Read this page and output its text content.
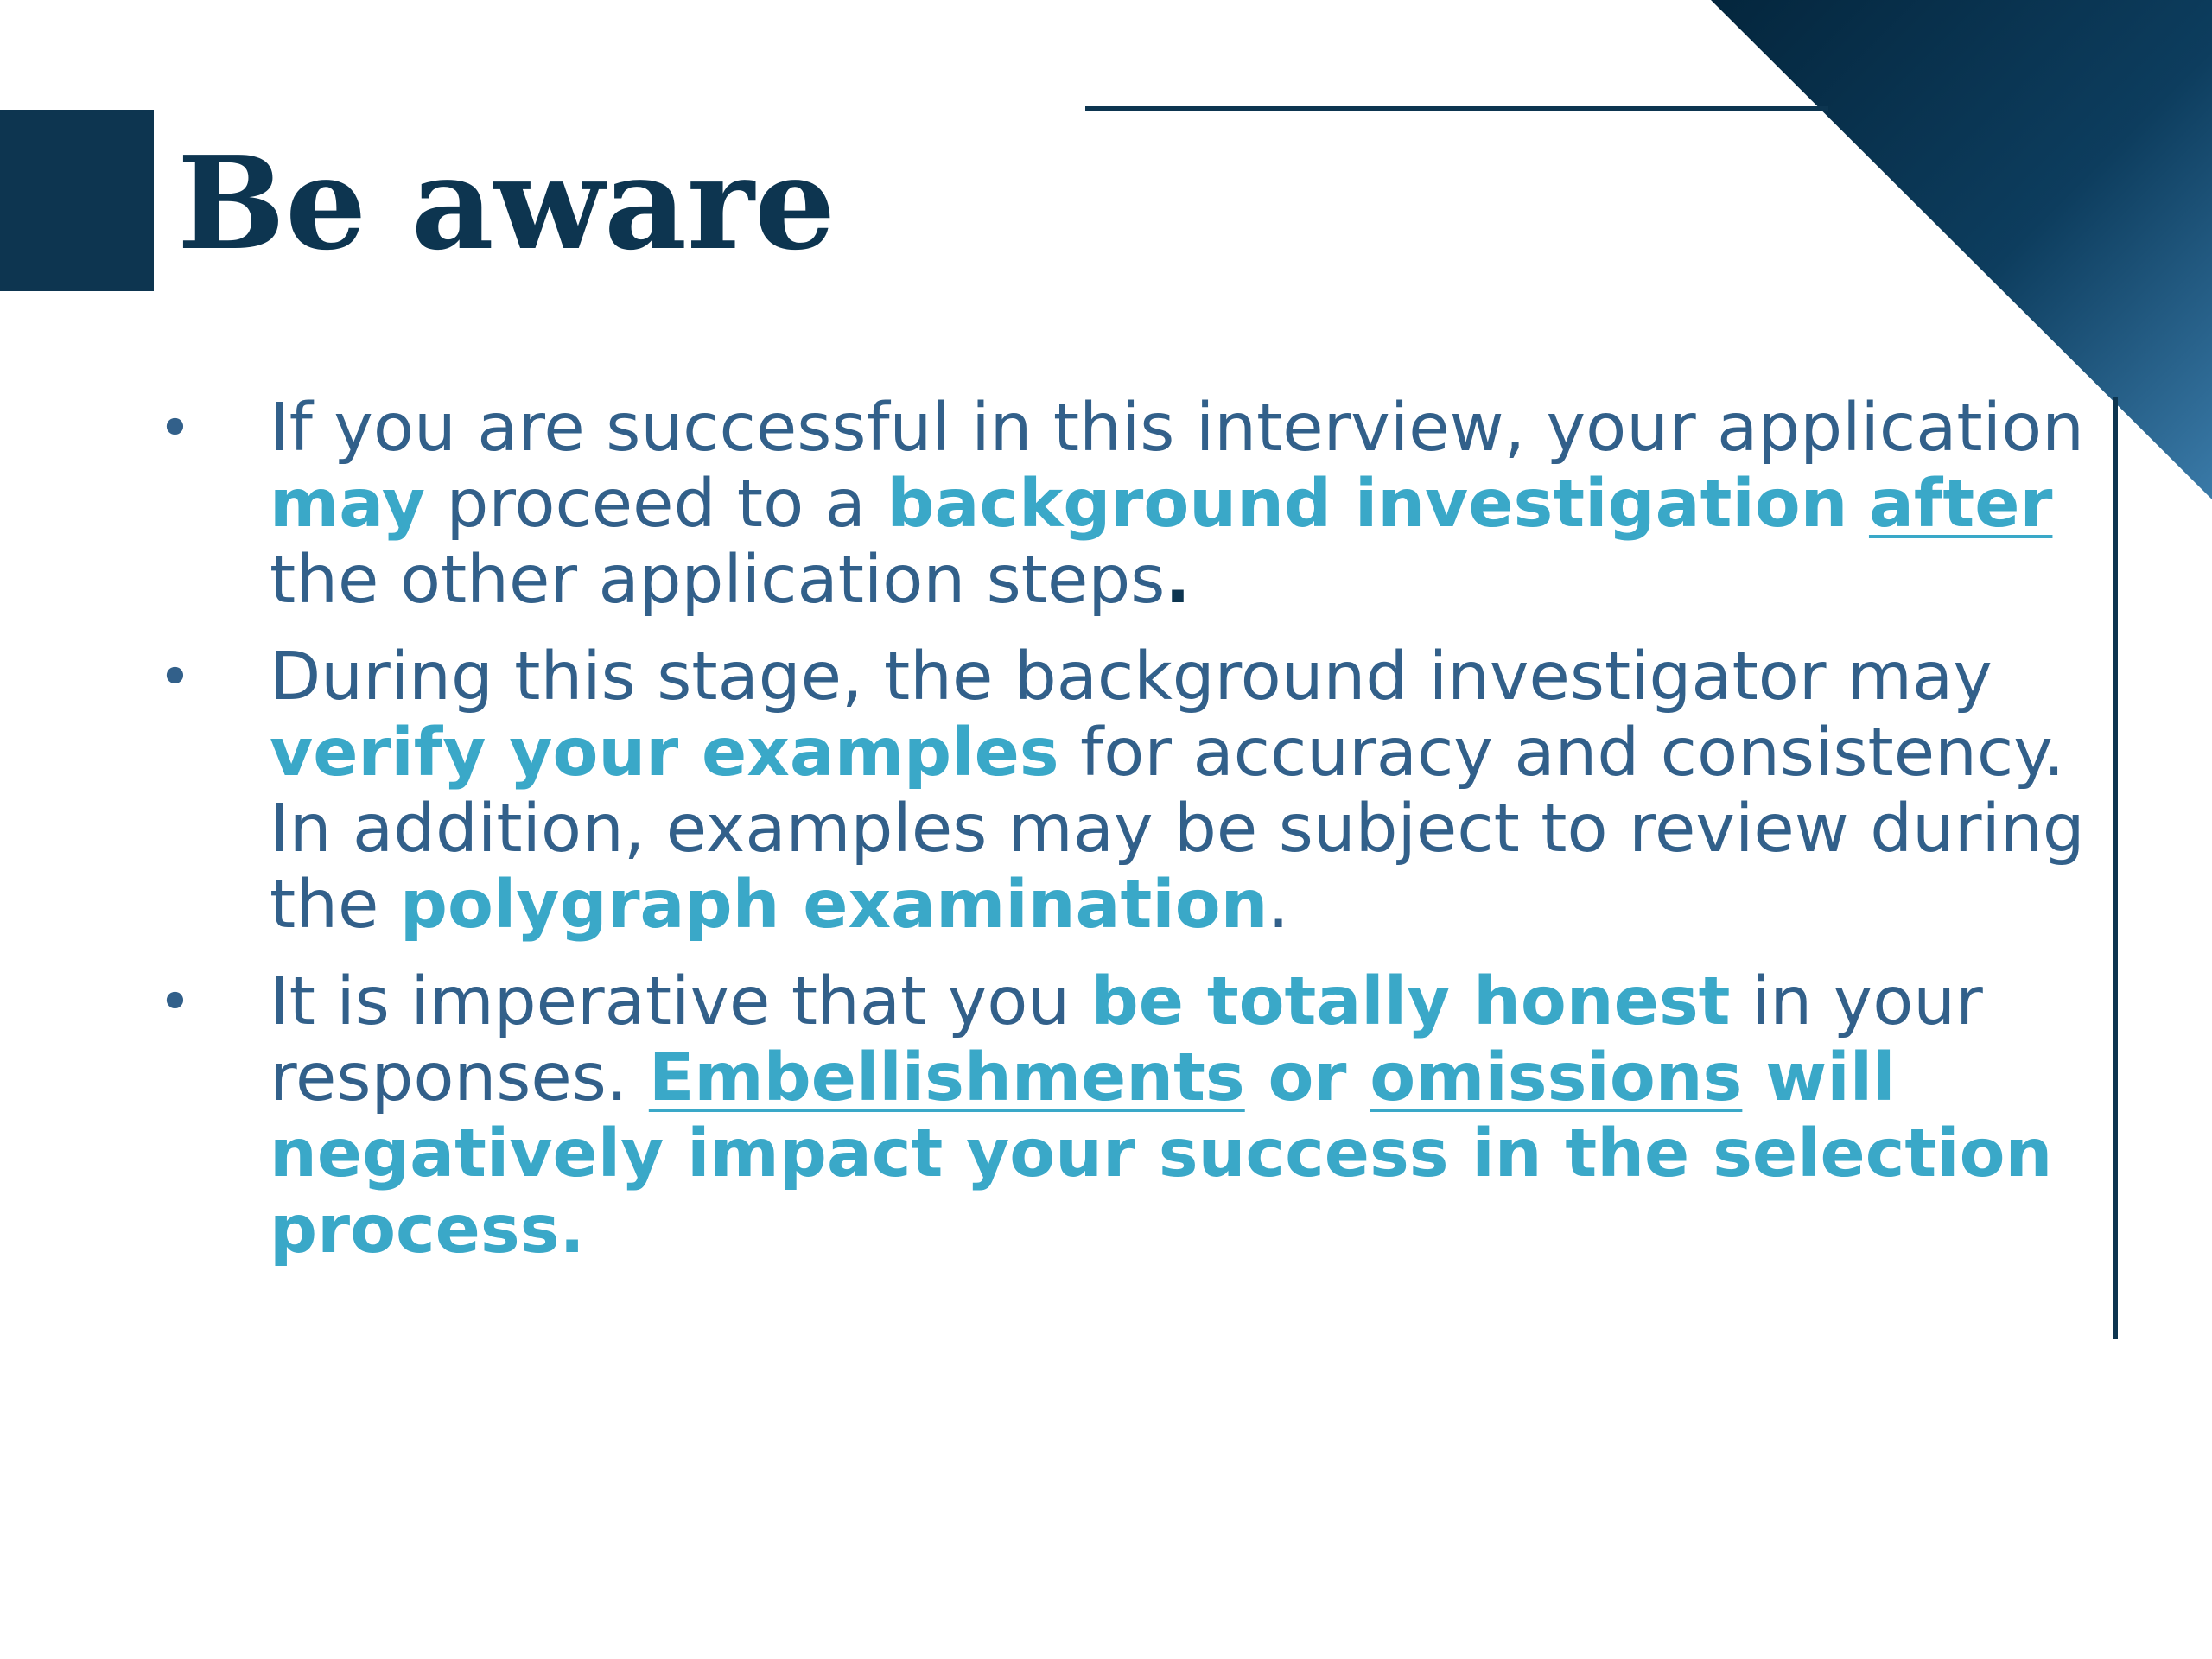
Be aware
• If you are successful in this interview, your application may proceed to a background investigation after the other application steps.
• During this stage, the background investigator may verify your examples for accuracy and consistency. In addition, examples may be subject to review during the polygraph examination.
• It is imperative that you be totally honest in your responses. Embellishments or omissions will negatively impact your success in the selection process.
